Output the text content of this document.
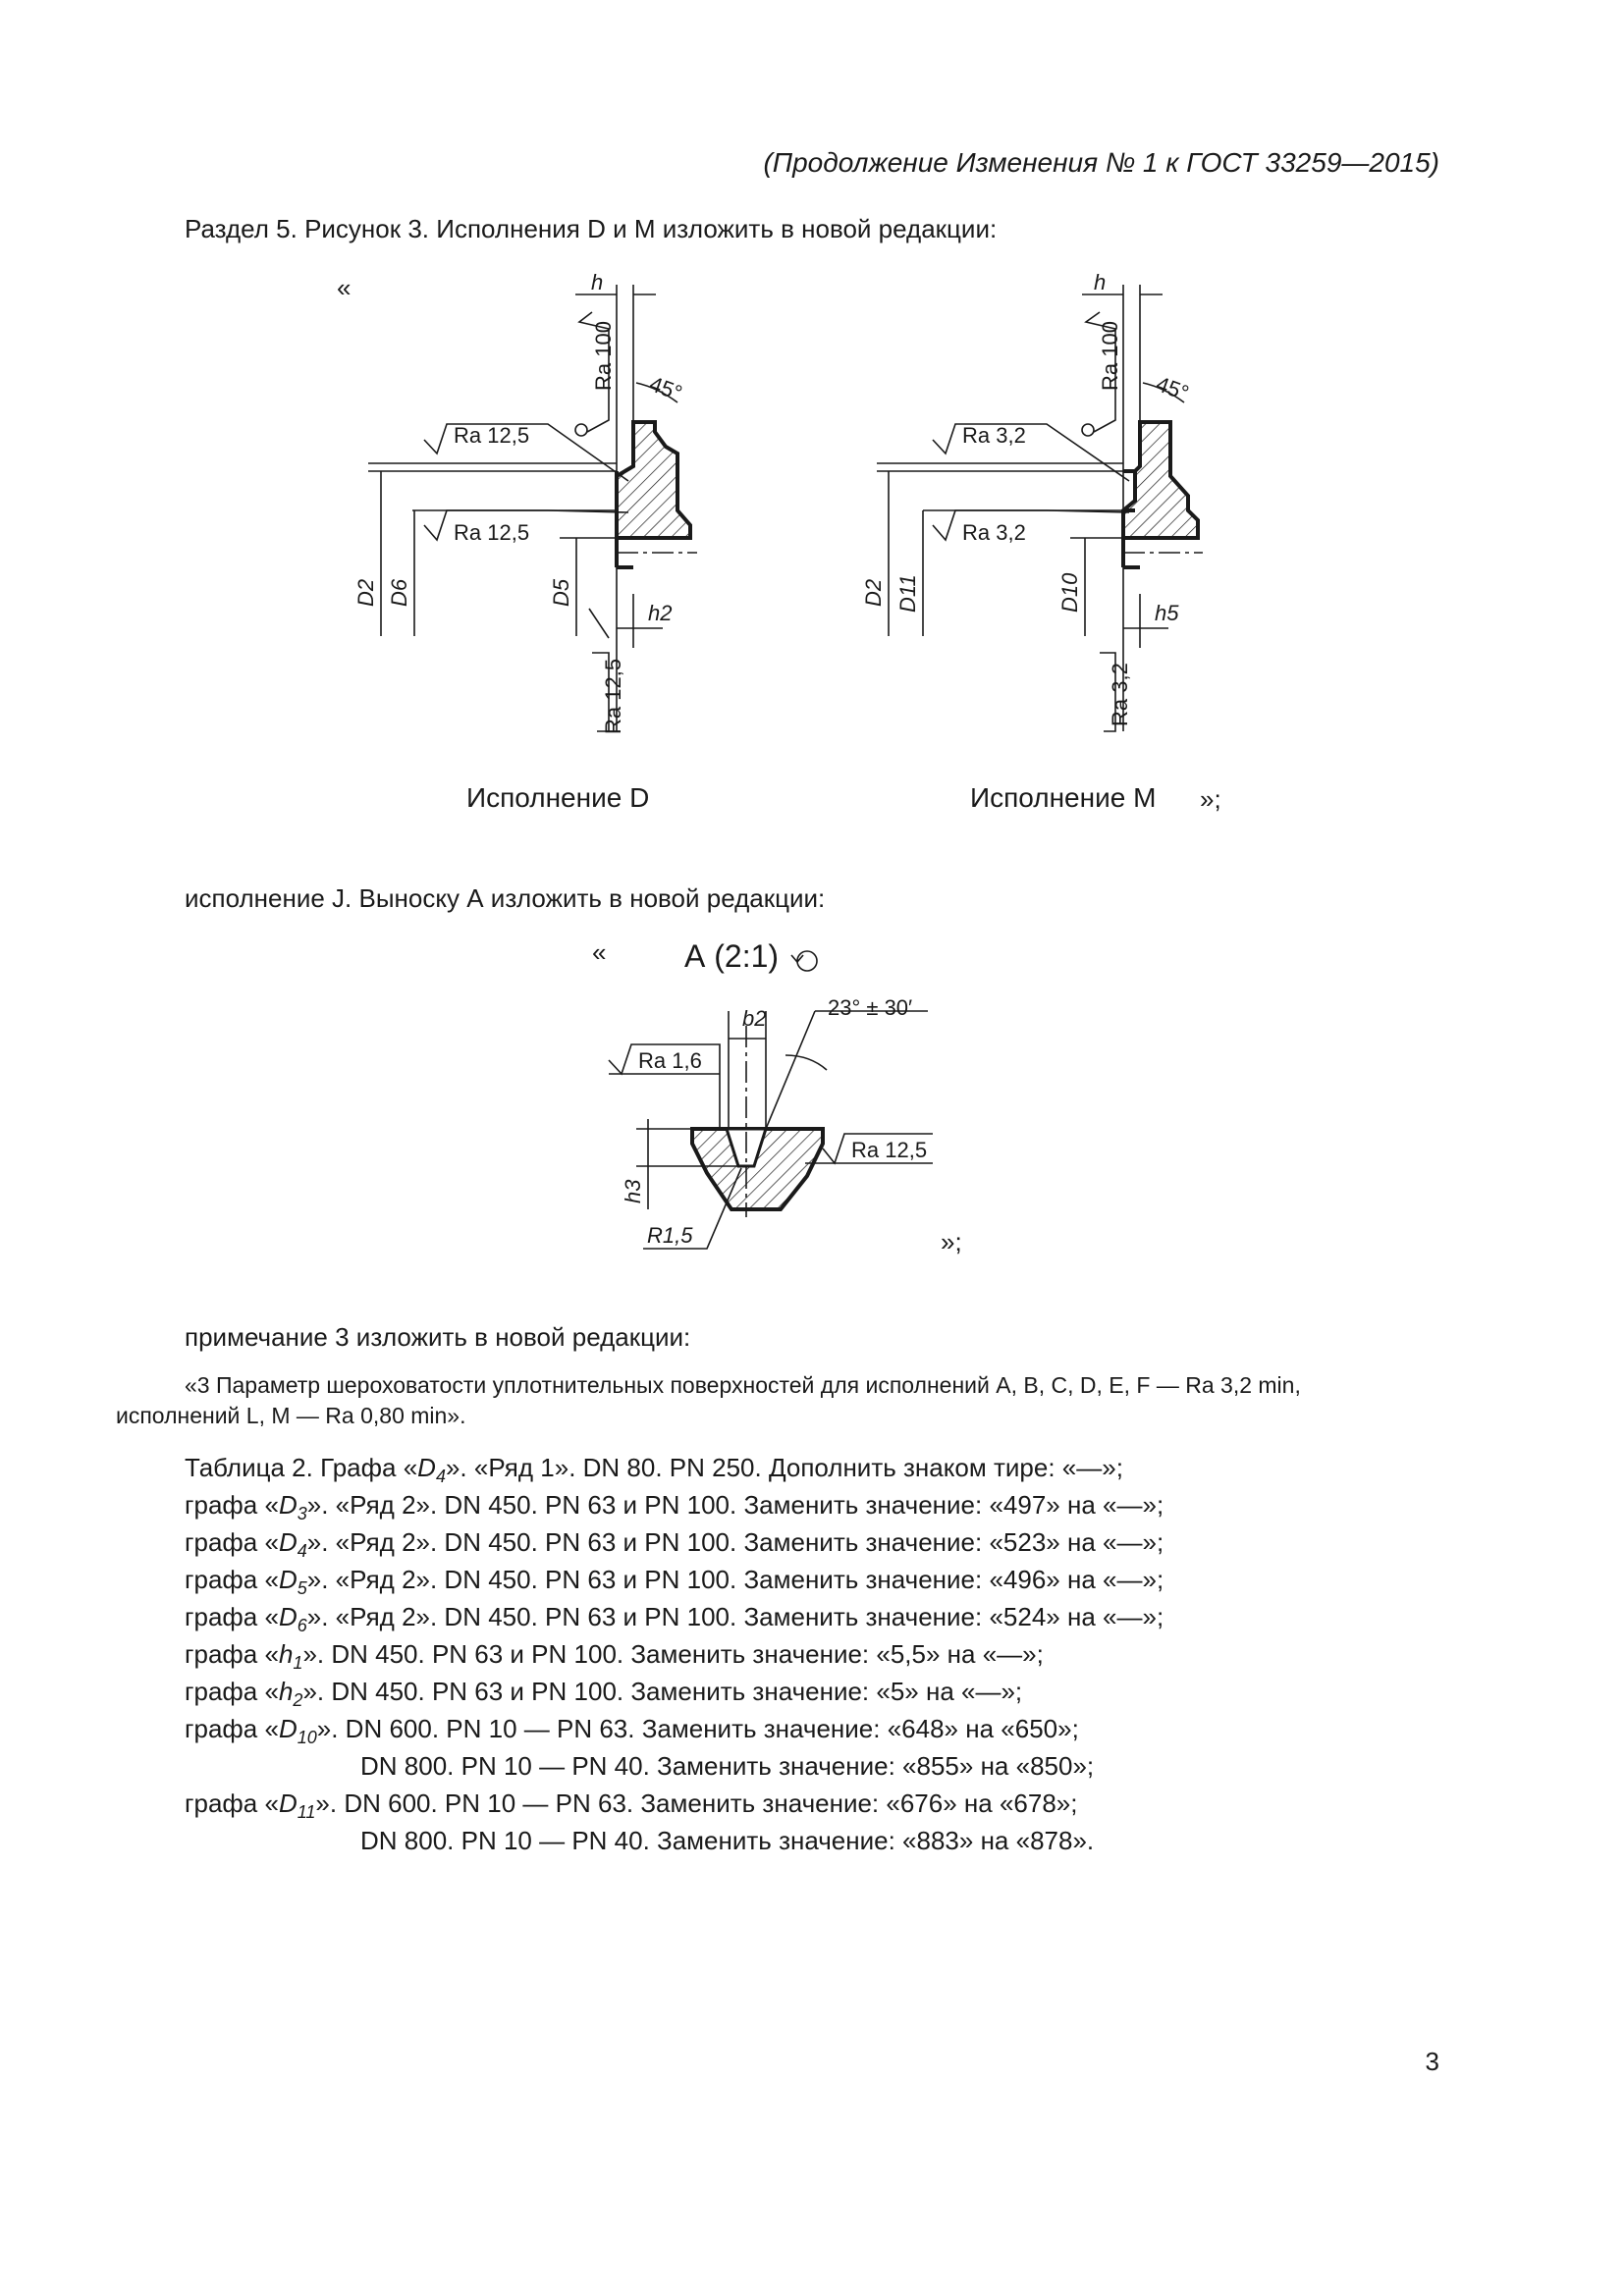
(Продолжение Изменения № 1 к ГОСТ 33259—2015)
Раздел 5. Рисунок 3. Исполнения D и M изложить в новой редакции:
«	h
Ra 100 45°
Ra 12,5
Ra 12,5
Ra 12,5
D2 D6	D5
h2
h
Ra 100 45°
Ra 3,2
Ra 3,2
Ra 3,2
D2 D11	D10
h5
Исполнение D	Исполнение M »;
исполнение J. Выноску А изложить в новой редакции:
« А (2:1)
b2	23° ± 30′
Ra 1,6
Ra 12,5
h3
R1,5	»;
примечание 3 изложить в новой редакции:
«3 Параметр шероховатости уплотнительных поверхностей для исполнений A, B, C, D, E, F — Ra 3,2 min,
исполнений L, M — Ra 0,80 min».
Таблица 2. Графа «$D_4$». «Ряд 1». DN 80. PN 250. Дополнить знаком тире: «—»;
графа «$D_3$». «Ряд 2». DN 450. PN 63 и PN 100. Заменить значение: «497» на «—»;
графа «$D_4$». «Ряд 2». DN 450. PN 63 и PN 100. Заменить значение: «523» на «—»;
графа «$D_5$». «Ряд 2». DN 450. PN 63 и PN 100. Заменить значение: «496» на «—»;
графа «$D_6$». «Ряд 2». DN 450. PN 63 и PN 100. Заменить значение: «524» на «—»;
графа «$h_1$». DN 450. PN 63 и PN 100. Заменить значение: «5,5» на «—»;
графа «$h_2$». DN 450. PN 63 и PN 100. Заменить значение: «5» на «—»;
графа «$D_{10}$». DN 600. PN 10 — PN 63. Заменить значение: «648» на «650»;
DN 800. PN 10 — PN 40. Заменить значение: «855» на «850»;
графа «$D_{11}$». DN 600. PN 10 — PN 63. Заменить значение: «676» на «678»;
DN 800. PN 10 — PN 40. Заменить значение: «883» на «878».
3
